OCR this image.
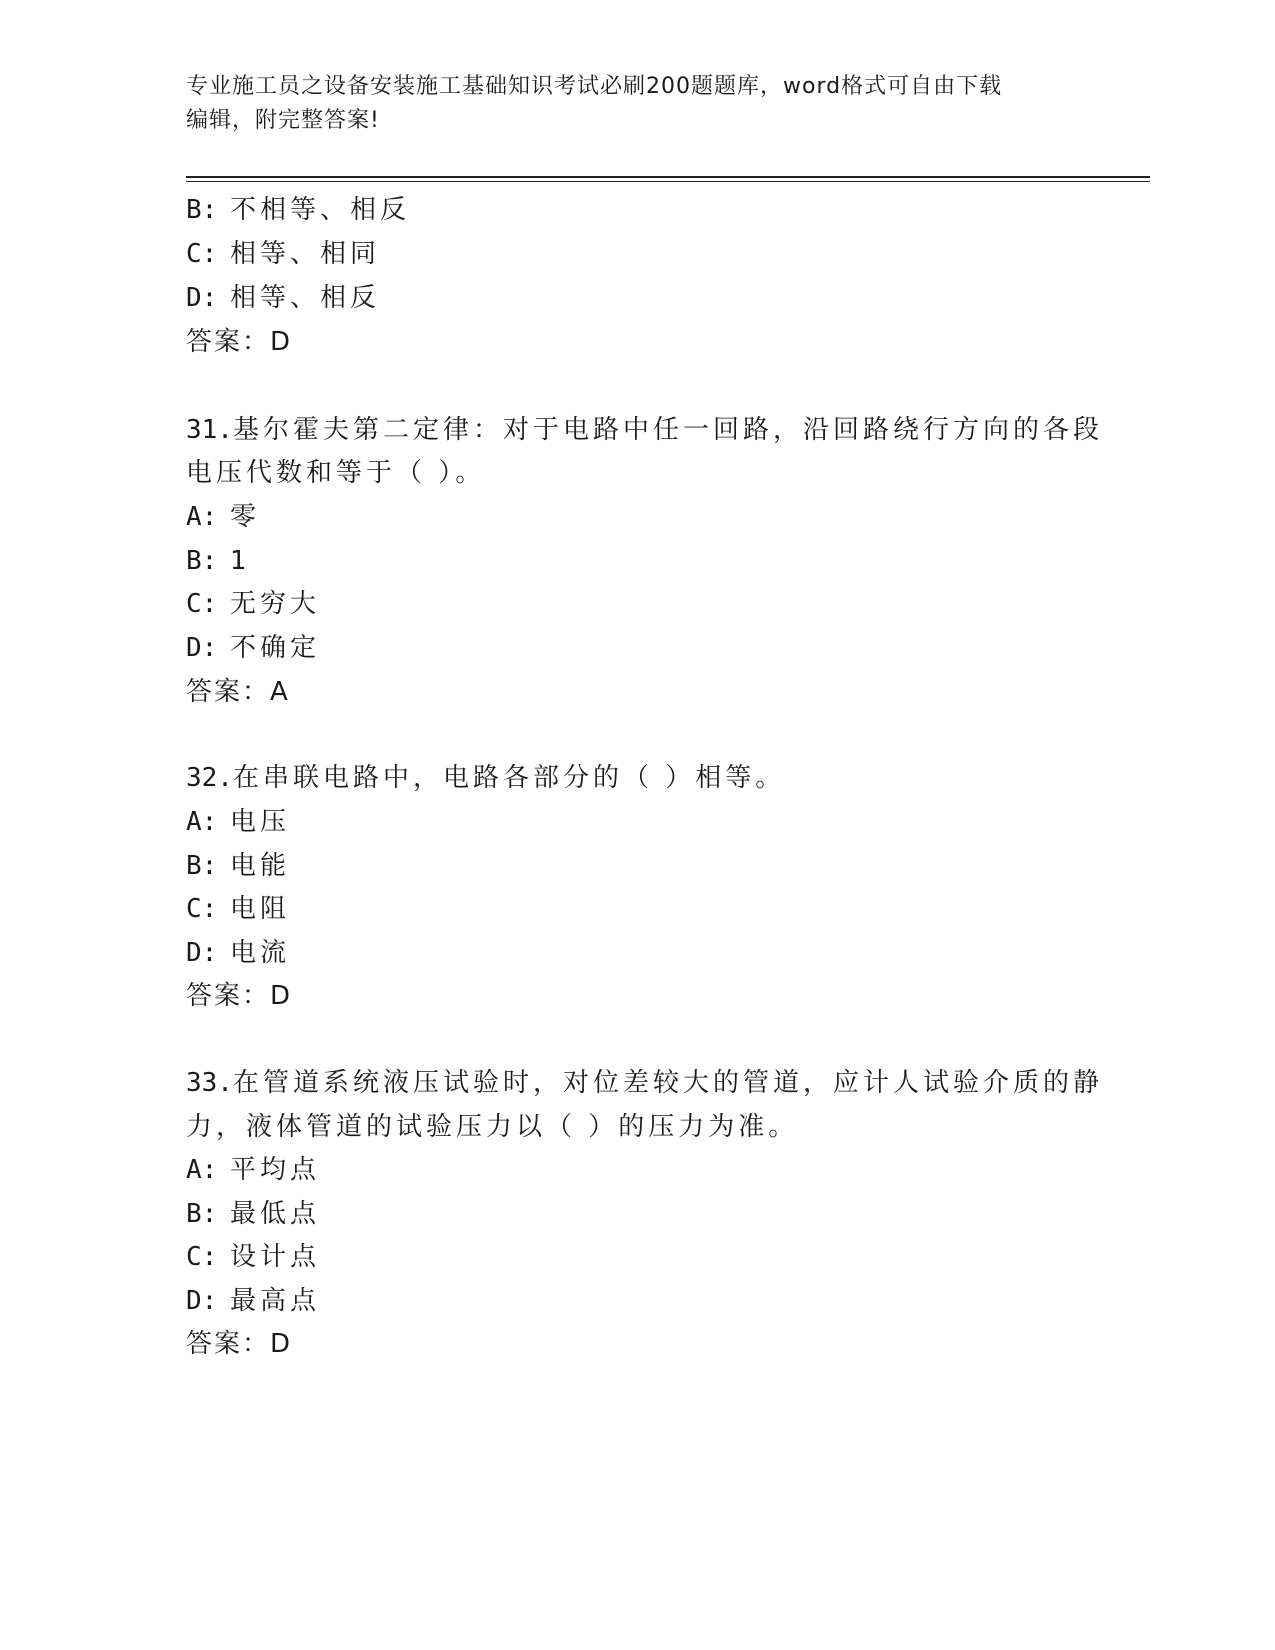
专业施工员之设备安装施工基础知识考试必刷200题题库，word格式可自由下载
编辑，附完整答案!

B: 不相等、相反

C: 相等、相同

D: 相等、相反

答案：D

31.基尔霍夫第二定律：对于电路中任一回路，沿回路绕行方向的各段

电压代数和等于（ ）。

A: 零

B: 1

C: 无穷大

D: 不确定

答案：A

32.在串联电路中，电路各部分的（ ）相等。

A: 电压

B: 电能

C: 电阻

D: 电流

答案：D

33.在管道系统液压试验时，对位差较大的管道，应计人试验介质的静

力，液体管道的试验压力以（ ）的压力为准。

A: 平均点

B: 最低点

C: 设计点

D: 最高点

答案：D
